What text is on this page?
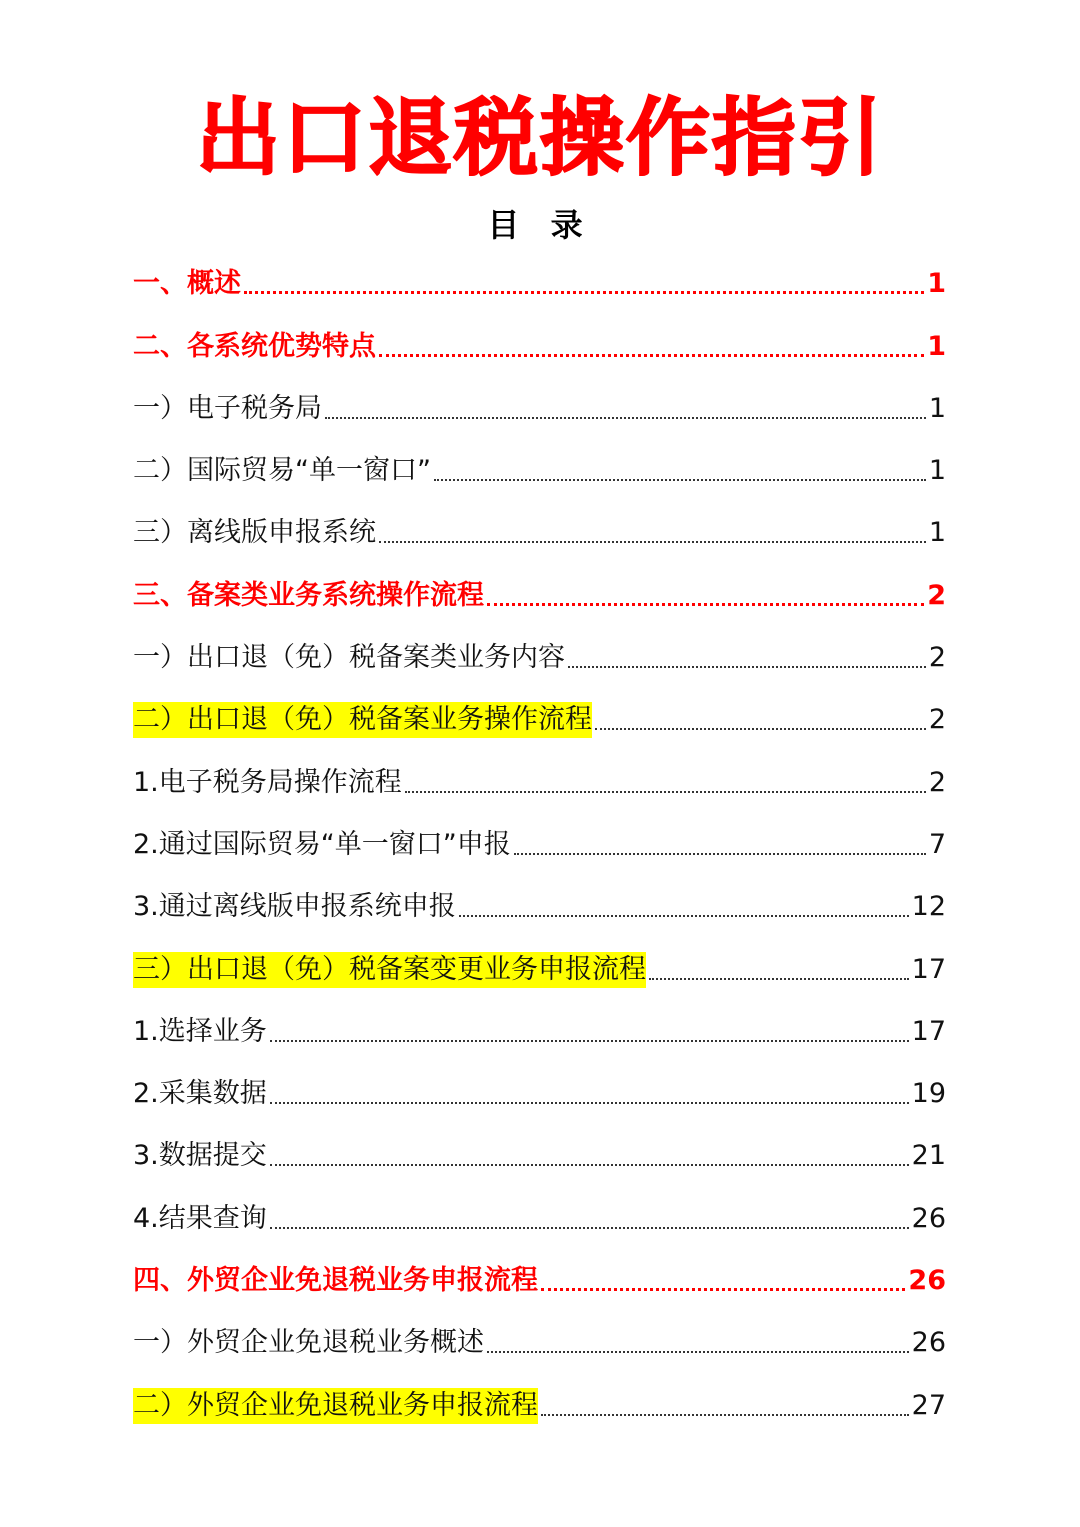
出口退税操作指引
目 录
一、概述	1
二、各系统优势特点	1
一）电子税务局	1
二）国际贸易“单一窗口”	1
三）离线版申报系统	1
三、备案类业务系统操作流程	2
一）出口退（免）税备案类业务内容	2
二）出口退（免）税备案业务操作流程	2
1.电子税务局操作流程	2
2.通过国际贸易“单一窗口”申报	7
3.通过离线版申报系统申报	12
三）出口退（免）税备案变更业务申报流程	17
1.选择业务	17
2.采集数据	19
3.数据提交	21
4.结果查询	26
四、外贸企业免退税业务申报流程	26
一）外贸企业免退税业务概述	26
二）外贸企业免退税业务申报流程	27
